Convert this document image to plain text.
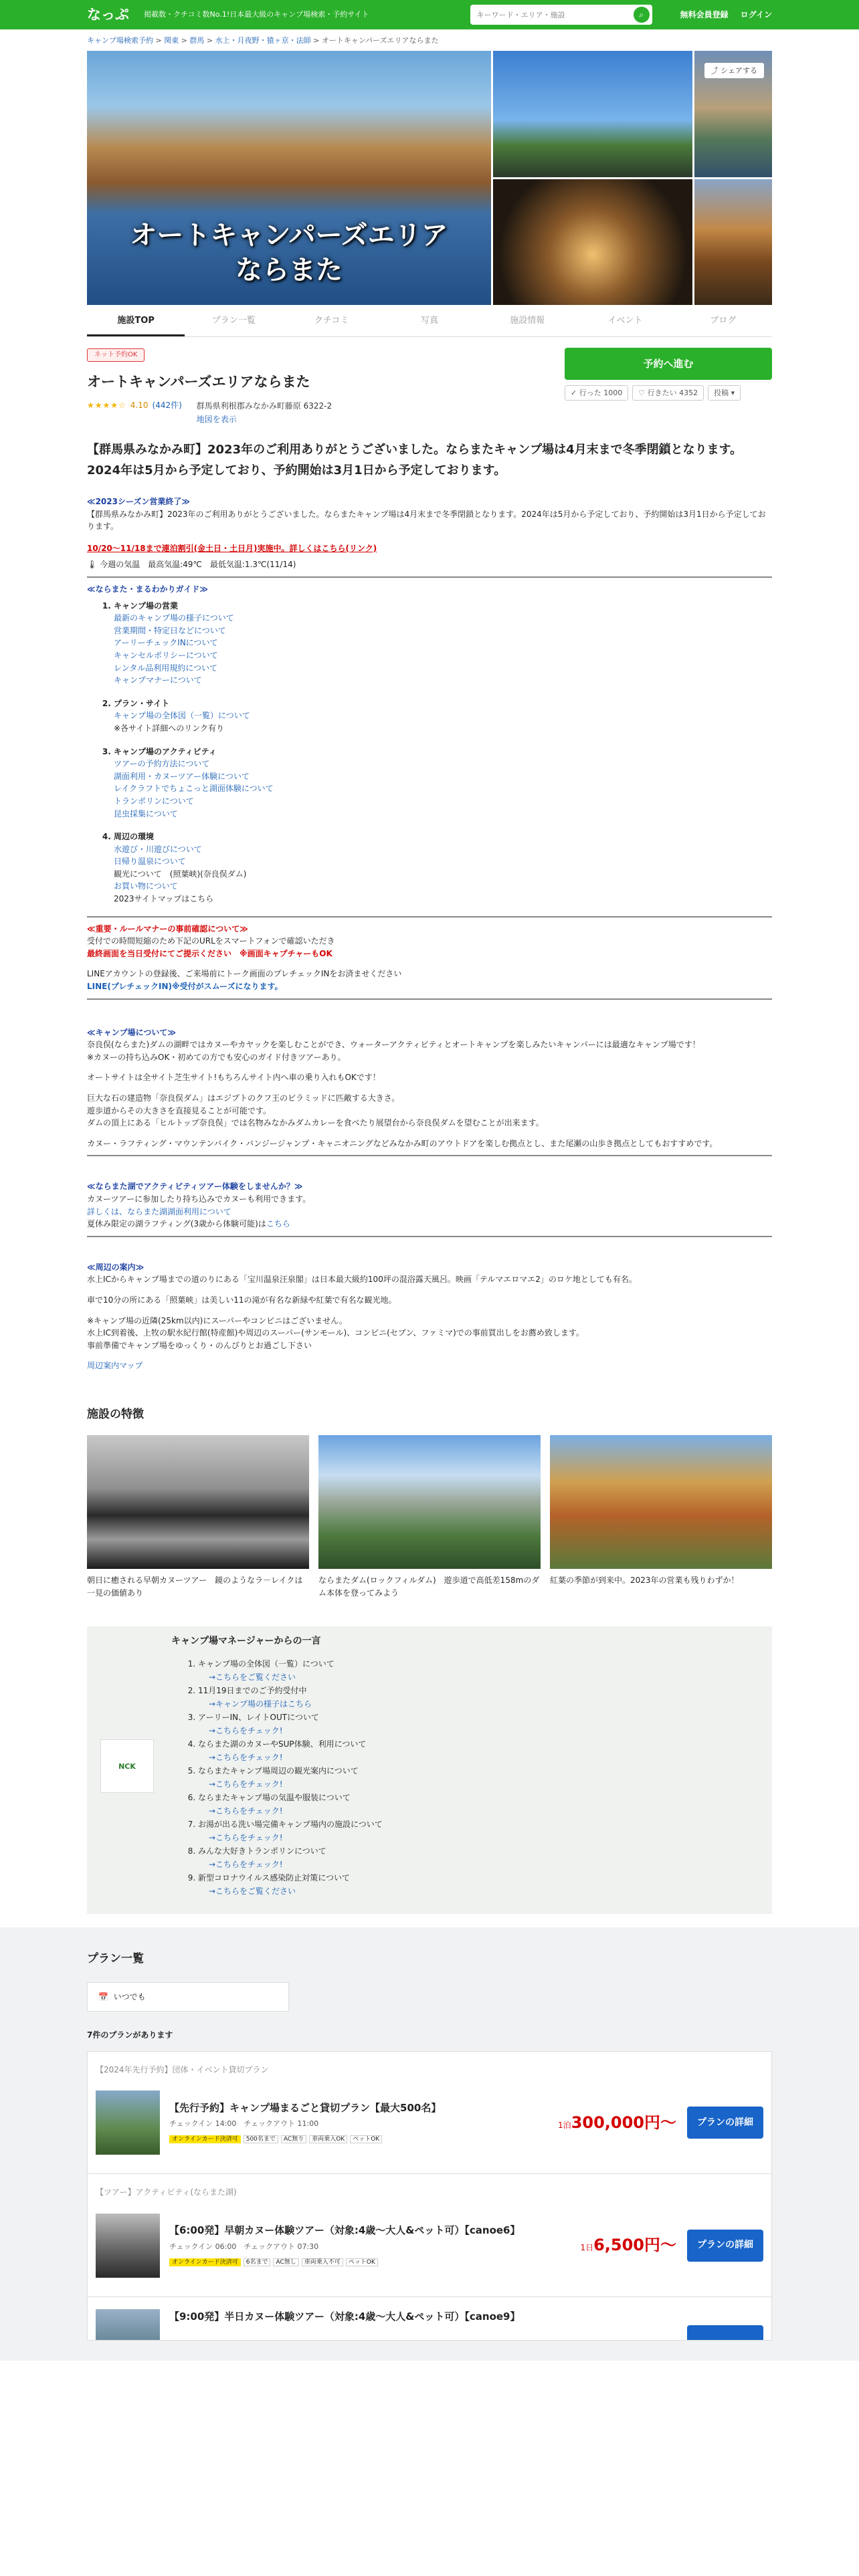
なっぷ 掲載数・クチコミ数No.1!日本最大級のキャンプ場検索・予約サイト
キーワード・エリア・施設	⌕	無料会員登録 ログイン
キャンプ場検索予約 > 関東 > 群馬 > 水上・月夜野・猿ヶ京・法師 > オートキャンパーズエリアならまた
オートキャンパーズエリア
ならまた
⤴ シェアする
施設TOP	プラン一覧	クチコミ	写真	施設情報	イベント	ブログ
ネット予約OK
オートキャンパーズエリアならまた
★★★★☆ 4.10 (442件) 群馬県利根郡みなかみ町藤原 6322-2
地図を表示
予約へ進む
✓ 行った 1000	♡ 行きたい 4352	投稿 ▾
【群馬県みなかみ町】2023年のご利用ありがとうございました。ならまたキャンプ場は4月末まで冬季閉鎖となります。2024年は5月から予定しており、予約開始は3月1日から予定しております。
≪2023シーズン営業終了≫
【群馬県みなかみ町】2023年のご利用ありがとうございました。ならまたキャンプ場は4月末まで冬季閉鎖となります。2024年は5月から予定しており、予約開始は3月1日から予定しております。
10/20〜11/18まで連泊割引(金土日・土日月)実施中。詳しくはこちら(リンク)
🌡 今週の気温　最高気温:49℃　最低気温:1.3℃(11/14)
≪ならまた・まるわかりガイド≫
1. キャンプ場の営業
最新のキャンプ場の様子について
営業期間・特定日などについて
アーリーチェックINについて
キャンセルポリシーについて
レンタル品利用規約について
キャンプマナーについて
2. プラン・サイト
キャンプ場の全体図（一覧）について
※各サイト詳細へのリンク有り
3. キャンプ場のアクティビティ
ツアーの予約方法について
湖面利用・カヌーツアー体験について
レイクラフトでちょこっと湖面体験について
トランポリンについて
昆虫採集について
4. 周辺の環境
水遊び・川遊びについて
日帰り温泉について
観光について　(照葉峡)(奈良俣ダム)
お買い物について
2023サイトマップはこちら
≪重要・ルールマナーの事前確認について≫
受付での時間短縮のため下記のURLをスマートフォンで確認いただき
最終画面を当日受付にてご提示ください　※画面キャプチャーもOK
LINEアカウントの登録後、ご来場前にトーク画面のプレチェックINをお済ませください
LINE(プレチェックIN)※受付がスムーズになります。
≪キャンプ場について≫
奈良俣(ならまた)ダムの湖畔ではカヌーやカヤックを楽しむことができ、ウォーターアクティビティとオートキャンプを楽しみたいキャンパーには最適なキャンプ場です！
※カヌーの持ち込みOK・初めての方でも安心のガイド付きツアーあり。
オートサイトは全サイト芝生サイト!もちろんサイト内へ車の乗り入れもOKです！
巨大な石の建造物「奈良俣ダム」はエジプトのクフ王のピラミッドに匹敵する大きさ。
遊歩道からその大きさを直接見ることが可能です。
ダムの頂上にある「ヒルトップ奈良俣」では名物みなかみダムカレーを食べたり展望台から奈良俣ダムを望むことが出来ます。
カヌー・ラフティング・マウンテンバイク・バンジージャンプ・キャニオニングなどみなかみ町のアウトドアを楽しむ拠点とし、また尾瀬の山歩き拠点としてもおすすめです。
≪ならまた湖でアクティビティツアー体験をしませんか？≫
カヌーツアーに参加したり持ち込みでカヌーも利用できます。
詳しくは、ならまた湖湖面利用について
夏休み限定の湖ラフティング(3歳から体験可能)はこちら
≪周辺の案内≫
水上ICからキャンプ場までの道のりにある「宝川温泉汪泉閣」は日本最大級約100坪の混浴露天風呂。映画「テルマエロマエ2」のロケ地としても有名。
車で10分の所にある「照葉峡」は美しい11の滝が有名な新緑や紅葉で有名な観光地。
※キャンプ場の近隣(25km以内)にスーパーやコンビニはございません。
水上IC到着後、上牧の駅水紀行館(特産館)や周辺のスーパー(サンモール)、コンビニ(セブン、ファミマ)での事前買出しをお薦め致します。
事前準備でキャンプ場をゆっくり・のんびりとお過ごし下さい
周辺案内マップ
施設の特徴
朝日に癒される早朝カヌーツアー　鏡のようなラ－レイクは一見の価値あり
ならまたダム(ロックフィルダム)　遊歩道で高低差158mのダム本体を登ってみよう
紅葉の季節が到来中。2023年の営業も残りわずか！
NCK
キャンプ場マネージャーからの一言
1. キャンプ場の全体図（一覧）について
→こちらをご覧ください
2. 11月19日までのご予約受付中
→キャンプ場の様子はこちら
3. アーリーIN、レイトOUTについて
→こちらをチェック!
4. ならまた湖のカヌーやSUP体験、利用について
→こちらをチェック!
5. ならまたキャンプ場周辺の観光案内について
→こちらをチェック!
6. ならまたキャンプ場の気温や服装について
→こちらをチェック!
7. お湯が出る洗い場完備キャンプ場内の施設について
→こちらをチェック!
8. みんな大好きトランポリンについて
→こちらをチェック!
9. 新型コロナウイルス感染防止対策について
→こちらをご覧ください
プラン一覧
📅
いつでも
7件のプランがあります
【2024年先行予約】団体・イベント貸切プラン
【先行予約】キャンプ場まるごと貸切プラン【最大500名】
チェックイン 14:00　チェックアウト 11:00
オンラインカード決済可 500名まで AC無り 車両乗入OK ペットOK
1泊300,000円〜	プランの詳細
【ツアー】アクティビティ(ならまた湖)
【6:00発】早朝カヌー体験ツアー（対象:4歳〜大人&ペット可）【canoe6】
チェックイン 06:00　チェックアウト 07:30
オンラインカード決済可 6名まで AC無し 車両乗入不可 ペットOK
1日6,500円〜	プランの詳細
【9:00発】半日カヌー体験ツアー（対象:4歳〜大人&ペット可）【canoe9】
